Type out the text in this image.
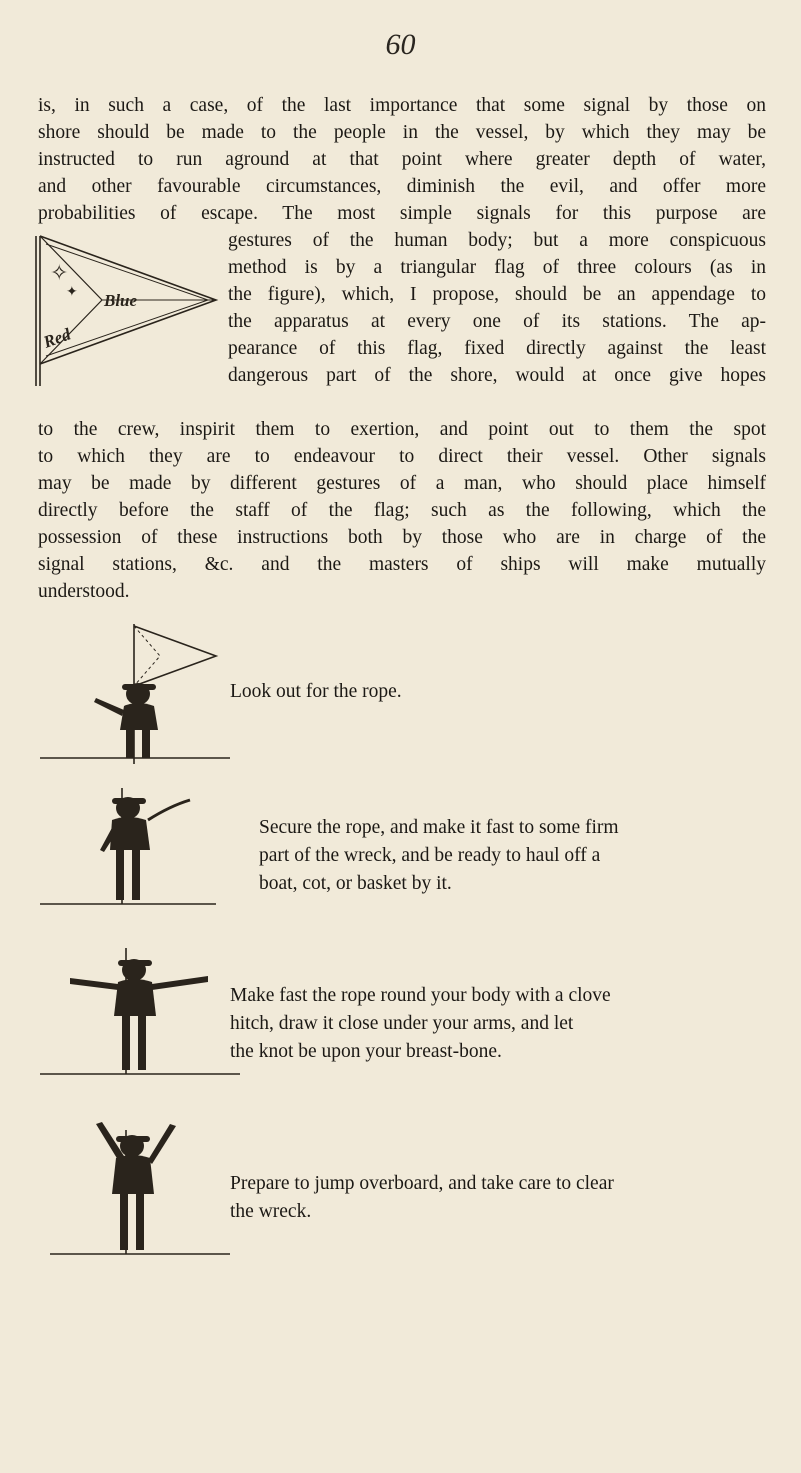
60
is, in such a case, of the last importance that some signal by those on
shore should be made to the people in the vessel, by which they may be
instructed to run aground at that point where greater depth of water,
and other favourable circumstances, diminish the evil, and offer more
probabilities of escape. The most simple signals for this purpose are
✧
✦ Blue
Red
gestures of the human body; but a more conspicuous
method is by a triangular flag of three colours (as in
the figure), which, I propose, should be an appendage to
the apparatus at every one of its stations. The ap-
pearance of this flag, fixed directly against the least
dangerous part of the shore, would at once give hopes
to the crew, inspirit them to exertion, and point out to them the spot
to which they are to endeavour to direct their vessel. Other signals
may be made by different gestures of a man, who should place himself
directly before the staff of the flag; such as the following, which the
possession of these instructions both by those who are in charge of the
signal stations, &c. and the masters of ships will make mutually
understood.
Look out for the rope.
Secure the rope, and make it fast to some firm
part of the wreck, and be ready to haul off a
boat, cot, or basket by it.
Make fast the rope round your body with a clove
hitch, draw it close under your arms, and let
the knot be upon your breast-bone.
Prepare to jump overboard, and take care to clear
the wreck.
